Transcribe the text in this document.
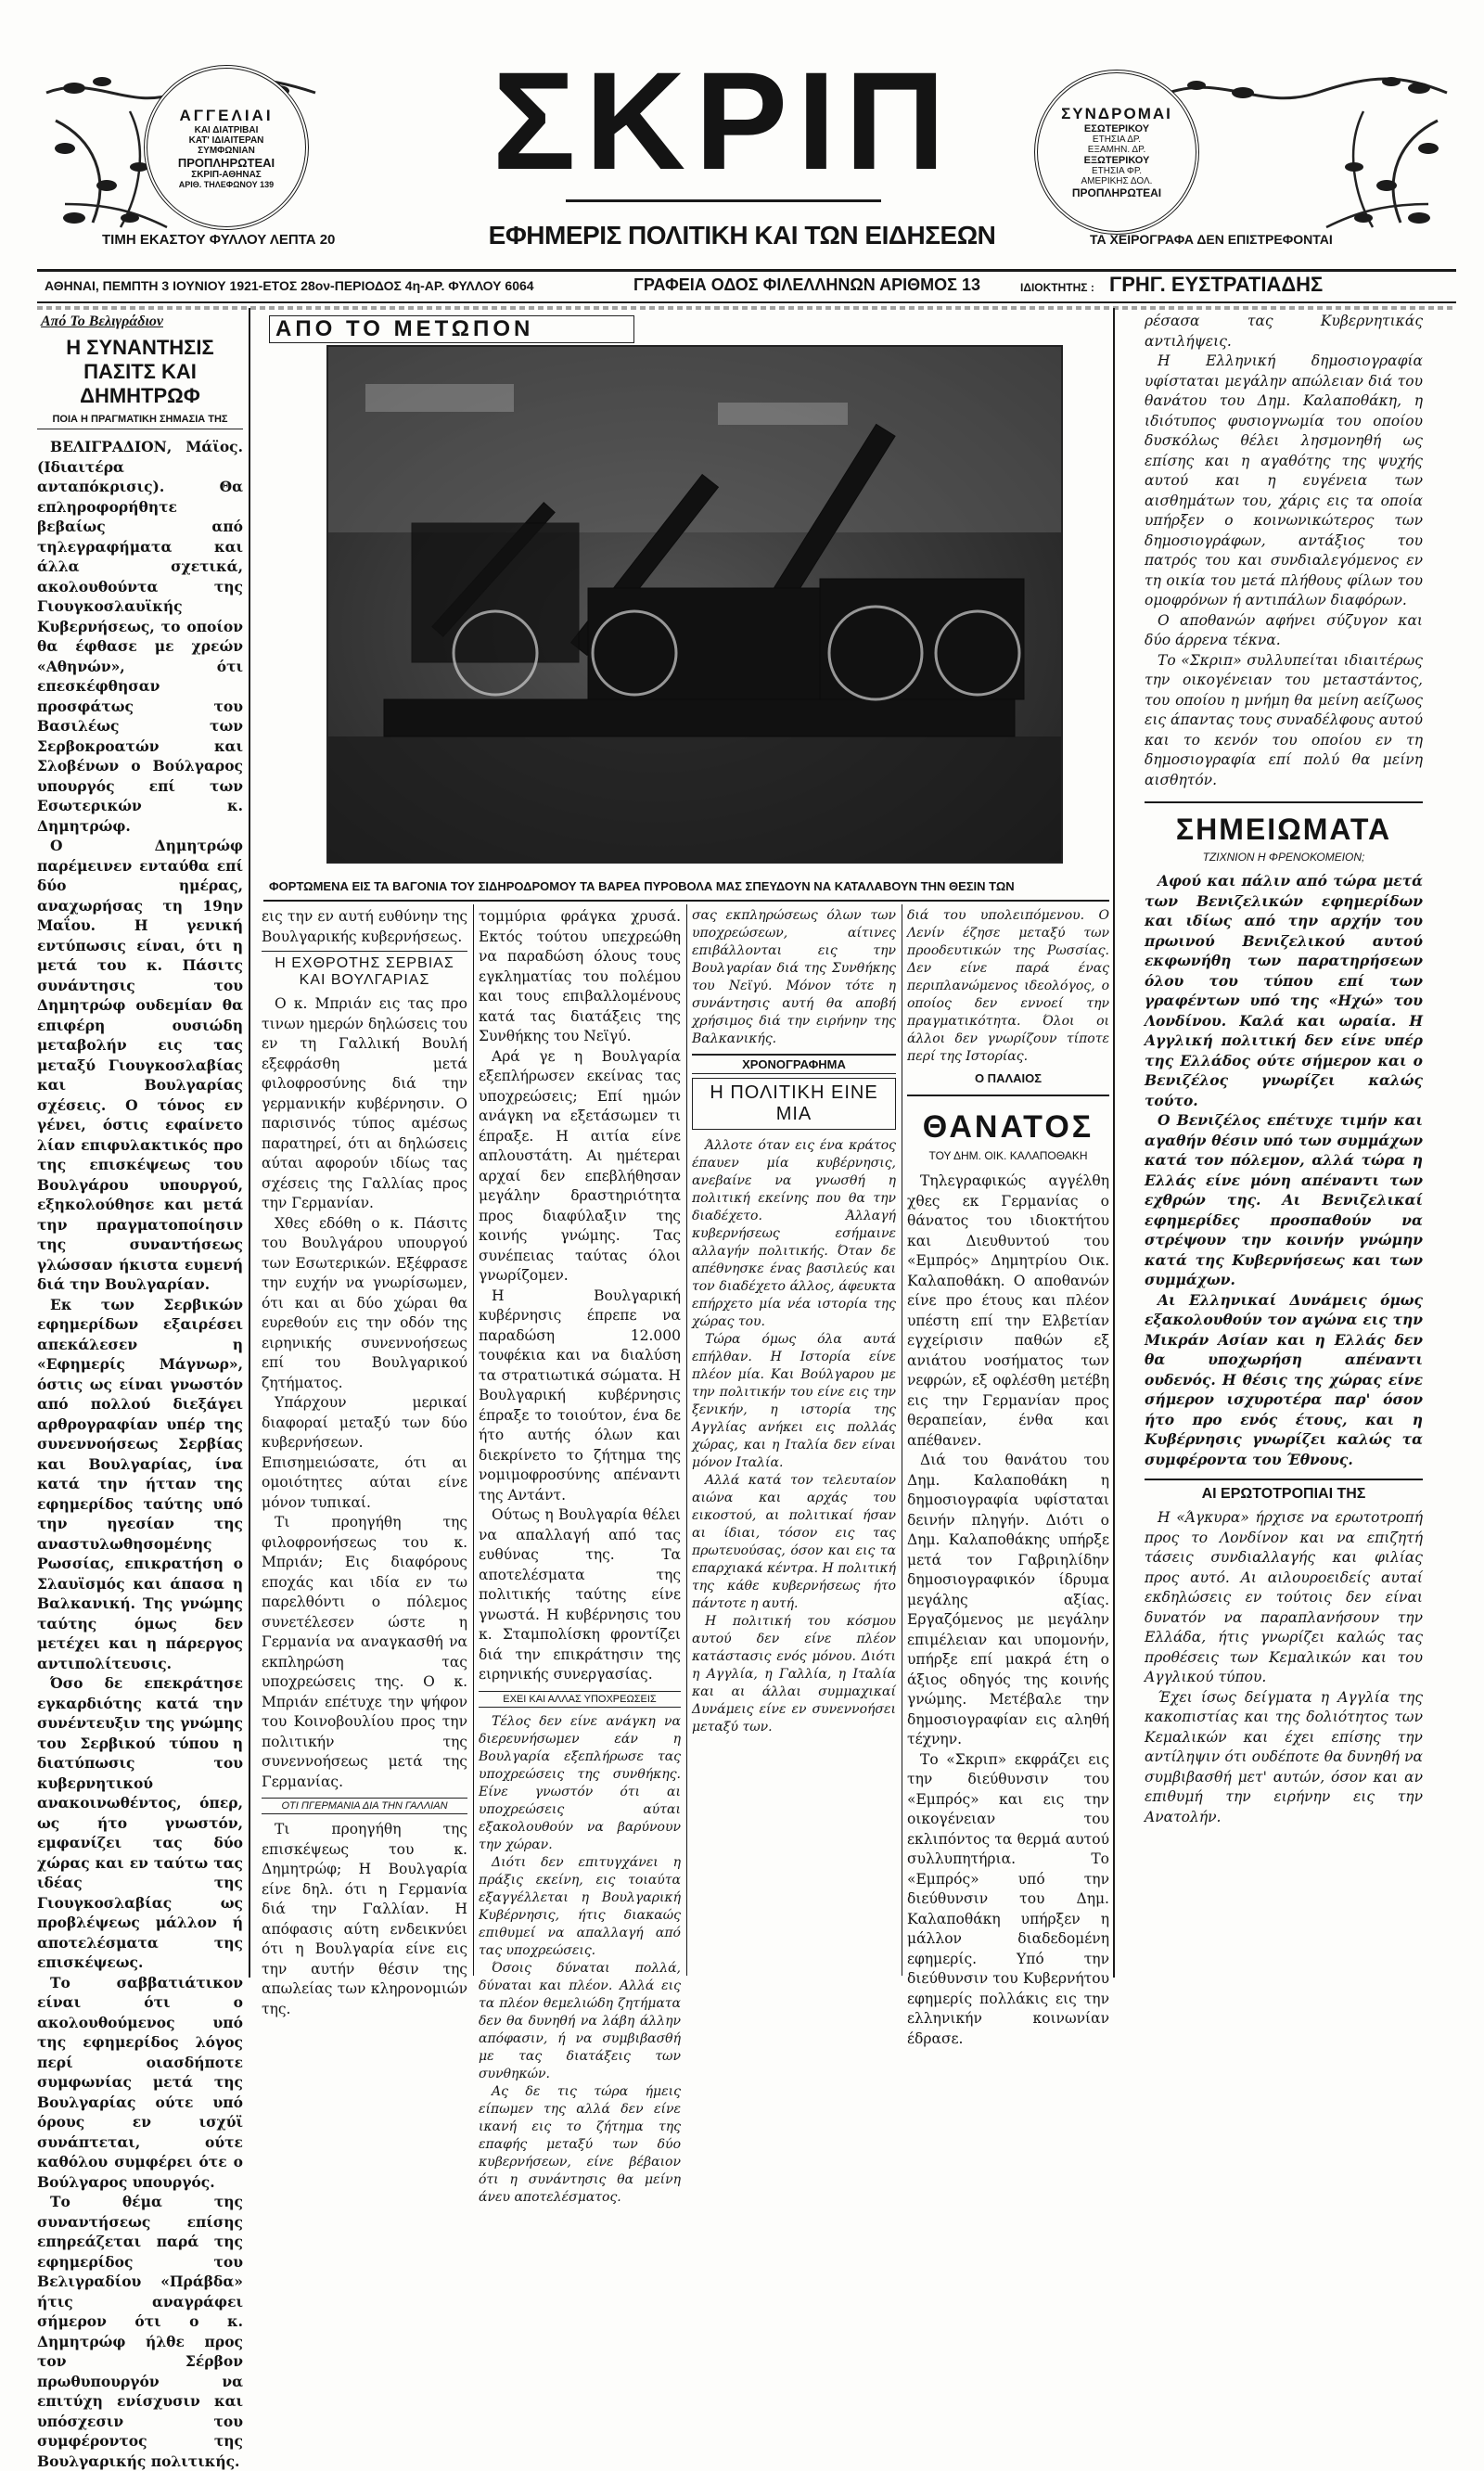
ΑΓΓΕΛΙΑΙ
ΚΑΙ ΔΙΑΤΡΙΒΑΙ
ΚΑΤ' ΙΔΙΑΙΤΕΡΑΝ
ΣΥΜΦΩΝΙΑΝ
ΠΡΟΠΛΗΡΩΤΕΑΙ
ΣΚΡΙΠ-ΑΘΗΝΑΣ
ΑΡΙΘ. ΤΗΛΕΦΩΝΟΥ 139
ΣΥΝΔΡΟΜΑΙ
ΕΣΩΤΕΡΙΚΟΥ
ΕΤΗΣΙΑ ΔΡ.
ΕΞΑΜΗΝ. ΔΡ.
ΕΞΩΤΕΡΙΚΟΥ
ΕΤΗΣΙΑ ΦΡ.
ΑΜΕΡΙΚΗΣ ΔΟΛ.
ΠΡΟΠΛΗΡΩΤΕΑΙ
ΣΚΡΙΠ
ΤΙΜΗ ΕΚΑΣΤΟΥ ΦΥΛΛΟΥ ΛΕΠΤΑ 20	ΕΦΗΜΕΡΙΣ ΠΟΛΙΤΙΚΗ ΚΑΙ ΤΩΝ ΕΙΔΗΣΕΩΝ	ΤΑ ΧΕΙΡΟΓΡΑΦΑ ΔΕΝ ΕΠΙΣΤΡΕΦΟΝΤΑΙ
ΑΘΗΝΑΙ, ΠΕΜΠΤΗ 3 ΙΟΥΝΙΟΥ 1921-ΕΤΟΣ 28ον-ΠΕΡΙΟΔΟΣ 4η-ΑΡ. ΦΥΛΛΟΥ 6064	ΓΡΑΦΕΙΑ ΟΔΟΣ ΦΙΛΕΛΛΗΝΩΝ ΑΡΙΘΜΟΣ 13	ΙΔΙΟΚΤΗΤΗΣ : ΓΡΗΓ. ΕΥΣΤΡΑΤΙΑΔΗΣ
Από Το Βελιγράδιον
Η ΣΥΝΑΝΤΗΣΙΣ ΠΑΣΙΤΣ ΚΑΙ ΔΗΜΗΤΡΩΦ
ΠΟΙΑ Η ΠΡΑΓΜΑΤΙΚΗ ΣΗΜΑΣΙΑ ΤΗΣ

ΒΕΛΙΓΡΑΔΙΟΝ, Μάϊος. (Ιδιαιτέρα ανταπόκρισις). Θα επληροφορήθητε βεβαίως από τηλεγραφήματα και άλλα σχετικά, ακολουθούντα της Γιουγκοσλαυϊκής Κυβερνήσεως, το οποίον θα έφθασε με χρεών «Αθηνών», ότι επεσκέφθησαν προσφάτως του Βασιλέως των Σερβοκροατών και Σλοβένων ο Βούλγαρος υπουργός επί των Εσωτερικών κ. Δημητρώφ.

Ο Δημητρώφ παρέμεινεν ενταύθα επί δύο ημέρας, αναχωρήσας τη 19ην Μαΐου. Η γενική εντύπωσις είναι, ότι η μετά του κ. Πάσιτς συνάντησις του Δημητρώφ ουδεμίαν θα επιφέρη ουσιώδη μεταβολήν εις τας μεταξύ Γιουγκοσλαβίας και Βουλγαρίας σχέσεις. Ο τόνος εν γένει, όστις εφαίνετο λίαν επιφυλακτικός προ της επισκέψεως του Βουλγάρου υπουργού, εξηκολούθησε και μετά την πραγματοποίησιν της συναντήσεως γλώσσαν ήκιστα ευμενή διά την Βουλγαρίαν.

Εκ των Σερβικών εφημερίδων εξαιρέσει απεκάλεσεν η «Εφημερίς Μάγνωρ», όστις ως είναι γνωστόν από πολλού διεξάγει αρθρογραφίαν υπέρ της συνεννοήσεως Σερβίας και Βουλγαρίας, ίνα κατά την ήτταν της εφημερίδος ταύτης υπό την ηγεσίαν της αναστυλωθησομένης Ρωσσίας, επικρατήση ο Σλαυϊσμός και άπασα η Βαλκανική. Της γνώμης ταύτης όμως δεν μετέχει και η πάρεργος αντιπολίτευσις.

Όσο δε επεκράτησε εγκαρδιότης κατά την συνέντευξιν της γνώμης του Σερβικού τύπου η διατύπωσις του κυβερνητικού ανακοινωθέντος, όπερ, ως ήτο γνωστόν, εμφανίζει τας δύο χώρας και εν ταύτω τας ιδέας της Γιουγκοσλαβίας ως προβλέψεως μάλλον ή αποτελέσματα της επισκέψεως.

Το σαββατιάτικον είναι ότι ο ακολουθούμενος υπό της εφημερίδος λόγος περί οιασδήποτε συμφωνίας μετά της Βουλγαρίας ούτε υπό όρους εν ισχύϊ συνάπτεται, ούτε καθόλου συμφέρει ότε ο Βούλγαρος υπουργός.

Το θέμα της συναντήσεως επίσης επηρεάζεται παρά της εφημερίδος του Βελιγραδίου «Πράβδα» ήτις αναγράφει σήμερον ότι ο κ. Δημητρώφ ήλθε προς τον Σέρβον πρωθυπουργόν να επιτύχη ενίσχυσιν και υπόσχεσιν του συμφέροντος της Βουλγαρικής πολιτικής.

ΑΠΟ ΤΟ ΜΕΤΩΠΟΝ
ΦΟΡΤΩΜΕΝΑ ΕΙΣ ΤΑ ΒΑΓΟΝΙΑ ΤΟΥ ΣΙΔΗΡΟΔΡΟΜΟΥ ΤΑ ΒΑΡΕΑ ΠΥΡΟΒΟΛΑ ΜΑΣ ΣΠΕΥΔΟΥΝ ΝΑ ΚΑΤΑΛΑΒΟΥΝ ΤΗΝ ΘΕΣΙΝ ΤΩΝ

εις την εν αυτή ευθύνην της Βουλγαρικής κυβερνήσεως.

Η ΕΧΘΡΟΤΗΣ ΣΕΡΒΙΑΣ ΚΑΙ ΒΟΥΛΓΑΡΙΑΣ

Ο κ. Μπριάν εις τας προ τινων ημερών δηλώσεις του εν τη Γαλλική Βουλή εξεφράσθη μετά φιλοφροσύνης διά την γερμανικήν κυβέρνησιν. Ο παρισινός τύπος αμέσως παρατηρεί, ότι αι δηλώσεις αύται αφορούν ιδίως τας σχέσεις της Γαλλίας προς την Γερμανίαν.

Χθες εδόθη ο κ. Πάσιτς του Βουλγάρου υπουργού των Εσωτερικών. Εξέφρασε την ευχήν να γνωρίσωμεν, ότι και αι δύο χώραι θα ευρεθούν εις την οδόν της ειρηνικής συνεννοήσεως επί του Βουλγαρικού ζητήματος.

Υπάρχουν μερικαί διαφοραί μεταξύ των δύο κυβερνήσεων. Επισημειώσατε, ότι αι ομοιότητες αύται είνε μόνον τυπικαί.

Τι προηγήθη της φιλοφρονήσεως του κ. Μπριάν; Εις διαφόρους εποχάς και ιδία εν τω παρελθόντι ο πόλεμος συνετέλεσεν ώστε η Γερμανία να αναγκασθή να εκπληρώση τας υποχρεώσεις της. Ο κ. Μπριάν επέτυχε την ψήφον του Κοινοβουλίου προς την πολιτικήν της συνεννοήσεως μετά της Γερμανίας.

ΟΤΙ ΠΓΕΡΜΑΝΙΑ ΔΙΑ ΤΗΝ ΓΑΛΛΙΑΝ

Τι προηγήθη της επισκέψεως του κ. Δημητρώφ; Η Βουλγαρία είνε δηλ. ότι η Γερμανία διά την Γαλλίαν. Η απόφασις αύτη ενδεικνύει ότι η Βουλγαρία είνε εις την αυτήν θέσιν της απωλείας των κληρονομιών της.

τομμύρια φράγκα χρυσά. Εκτός τούτου υπεχρεώθη να παραδώση όλους τους εγκληματίας του πολέμου και τους επιβαλλομένους κατά τας διατάξεις της Συνθήκης του Νεϊγύ.

Αρά γε η Βουλγαρία εξεπλήρωσεν εκείνας τας υποχρεώσεις; Επί ημών ανάγκη να εξετάσωμεν τι έπραξε. Η αιτία είνε απλουστάτη. Αι ημέτεραι αρχαί δεν επεβλήθησαν μεγάλην δραστηριότητα προς διαφύλαξιν της κοινής γνώμης. Τας συνέπειας ταύτας όλοι γνωρίζομεν.

Η Βουλγαρική κυβέρνησις έπρεπε να παραδώση 12.000 τουφέκια και να διαλύση τα στρατιωτικά σώματα. Η Βουλγαρική κυβέρνησις έπραξε το τοιούτον, ένα δε ήτο αυτής όλων και διεκρίνετο το ζήτημα της νομιμοφροσύνης απέναντι της Αντάντ.

Ούτως η Βουλγαρία θέλει να απαλλαγή από τας ευθύνας της. Τα αποτελέσματα της πολιτικής ταύτης είνε γνωστά. Η κυβέρνησις του κ. Σταμπολίσκη φροντίζει διά την επικράτησιν της ειρηνικής συνεργασίας.

ΕΧΕΙ ΚΑΙ ΑΛΛΑΣ ΥΠΟΧΡΕΩΣΕΙΣ

Τέλος δεν είνε ανάγκη να διερευνήσωμεν εάν η Βουλγαρία εξεπλήρωσε τας υποχρεώσεις της συνθήκης. Είνε γνωστόν ότι αι υποχρεώσεις αύται εξακολουθούν να βαρύνουν την χώραν.

Διότι δεν επιτυγχάνει η πράξις εκείνη, εις τοιαύτα εξαγγέλλεται η Βουλγαρική Κυβέρνησις, ήτις διακαώς επιθυμεί να απαλλαγή από τας υποχρεώσεις.

Όσοις δύναται πολλά, δύναται και πλέον. Αλλά εις τα πλέον θεμελιώδη ζητήματα δεν θα δυνηθή να λάβη άλλην απόφασιν, ή να συμβιβασθή με τας διατάξεις των συνθηκών.

Ας δε τις τώρα ήμεις είπωμεν της αλλά δεν είνε ικανή εις το ζήτημα της επαφής μεταξύ των δύο κυβερνήσεων, είνε βέβαιον ότι η συνάντησις θα μείνη άνευ αποτελέσματος.

σας εκπληρώσεως όλων των υποχρεώσεων, αίτινες επιβάλλονται εις την Βουλγαρίαν διά της Συνθήκης του Νεϊγύ. Μόνον τότε η συνάντησις αυτή θα αποβή χρήσιμος διά την ειρήνην της Βαλκανικής.

ΧΡΟΝΟΓΡΑΦΗΜΑ
Η ΠΟΛΙΤΙΚΗ ΕΙΝΕ ΜΙΑ

Άλλοτε όταν εις ένα κράτος έπαυεν μία κυβέρνησις, ανεβαίνε να γνωσθή η πολιτική εκείνης που θα την διαδέχετο. Άλλαγή κυβερνήσεως εσήμαινε αλλαγήν πολιτικής. Όταν δε απέθνησκε ένας βασιλεύς και τον διαδέχετο άλλος, άφευκτα επήρχετο μία νέα ιστορία της χώρας του.

Τώρα όμως όλα αυτά επήλθαν. Η Ιστορία είνε πλέον μία. Και Βούλγαρου με την πολιτικήν του είνε εις την ξενικήν, η ιστορία της Αγγλίας ανήκει εις πολλάς χώρας, και η Ιταλία δεν είναι μόνον Ιταλία.

Αλλά κατά τον τελευταίον αιώνα και αρχάς του εικοστού, αι πολιτικαί ήσαν αι ίδιαι, τόσον εις τας πρωτευούσας, όσον και εις τα επαρχιακά κέντρα. Η πολιτική της κάθε κυβερνήσεως ήτο πάντοτε η αυτή.

Η πολιτική του κόσμου αυτού δεν είνε πλέον κατάστασις ενός μόνου. Διότι η Αγγλία, η Γαλλία, η Ιταλία και αι άλλαι συμμαχικαί Δυνάμεις είνε εν συνεννοήσει μεταξύ των.

διά του υπολειπόμενου. Ο Λενίν έζησε μεταξύ των προοδευτικών της Ρωσσίας. Δεν είνε παρά ένας περιπλανώμενος ιδεολόγος, ο οποίος δεν εννοεί την πραγματικότητα. Όλοι οι άλλοι δεν γνωρίζουν τίποτε περί της Ιστορίας.

Ο ΠΑΛΑΙΟΣ
ΘΑΝΑΤΟΣ
ΤΟΥ ΔΗΜ. ΟΙΚ. ΚΑΛΑΠΟΘΑΚΗ

Τηλεγραφικώς αγγέλθη χθες εκ Γερμανίας ο θάνατος του ιδιοκτήτου και Διευθυντού του «Εμπρός» Δημητρίου Οικ. Καλαποθάκη. Ο αποθανών είνε προ έτους και πλέον υπέστη επί την Ελβετίαν εγχείρισιν παθών εξ ανιάτου νοσήματος των νεφρών, εξ οφλέσθη μετέβη εις την Γερμανίαν προς θεραπείαν, ένθα και απέθανεν.

Διά του θανάτου του Δημ. Καλαποθάκη η δημοσιογραφία υφίσταται δεινήν πληγήν. Διότι ο Δημ. Καλαποθάκης υπήρξε μετά τον Γαβριηλίδην δημοσιογραφικόν ίδρυμα μεγάλης αξίας. Εργαζόμενος με μεγάλην επιμέλειαν και υπομονήν, υπήρξε επί μακρά έτη ο άξιος οδηγός της κοινής γνώμης. Μετέβαλε την δημοσιογραφίαν εις αληθή τέχνην.

Το «Σκριπ» εκφράζει εις την διεύθυνσιν του «Εμπρός» και εις την οικογένειαν του εκλιπόντος τα θερμά αυτού συλλυπητήρια. Το «Εμπρός» υπό την διεύθυνσιν του Δημ. Καλαποθάκη υπήρξεν η μάλλον διαδεδομένη εφημερίς. Υπό την διεύθυνσιν του Κυβερνήτου εφημερίς πολλάκις εις την ελληνικήν κοινωνίαν έδρασε.

ρέσασα τας Κυβερνητικάς αντιλήψεις.

Η Ελληνική δημοσιογραφία υφίσταται μεγάλην απώλειαν διά του θανάτου του Δημ. Καλαποθάκη, η ιδιότυπος φυσιογνωμία του οποίου δυσκόλως θέλει λησμονηθή ως επίσης και η αγαθότης της ψυχής αυτού και η ευγένεια των αισθημάτων του, χάρις εις τα οποία υπήρξεν ο κοινωνικώτερος των δημοσιογράφων, αντάξιος του πατρός του και συνδιαλεγόμενος εν τη οικία του μετά πλήθους φίλων του ομοφρόνων ή αντιπάλων διαφόρων.

Ο αποθανών αφήνει σύζυγον και δύο άρρενα τέκνα.

Το «Σκριπ» συλλυπείται ιδιαιτέρως την οικογένειαν του μεταστάντος, του οποίου η μνήμη θα μείνη αείζωος εις άπαντας τους συναδέλφους αυτού και το κενόν του οποίου εν τη δημοσιογραφία επί πολύ θα μείνη αισθητόν.

ΣΗΜΕΙΩΜΑΤΑ
ΤΖΙΧΝΙΟΝ Η ΦΡΕΝΟΚΟΜΕΙΟΝ;

Αφού και πάλιν από τώρα μετά των Βενιζελικών εφημερίδων και ιδίως από την αρχήν του πρωινού Βενιζελικού αυτού εκφωνήθη των παρατηρήσεων όλου του τύπου επί των γραφέντων υπό της «Ηχώ» του Λονδίνου. Καλά και ωραία. Η Αγγλική πολιτική δεν είνε υπέρ της Ελλάδος ούτε σήμερον και ο Βενιζέλος γνωρίζει καλώς τούτο.

Ο Βενιζέλος επέτυχε τιμήν και αγαθήν θέσιν υπό των συμμάχων κατά τον πόλεμον, αλλά τώρα η Ελλάς είνε μόνη απέναντι των εχθρών της. Αι Βενιζελικαί εφημερίδες προσπαθούν να στρέψουν την κοινήν γνώμην κατά της Κυβερνήσεως και των συμμάχων.

Αι Ελληνικαί Δυνάμεις όμως εξακολουθούν τον αγώνα εις την Μικράν Ασίαν και η Ελλάς δεν θα υποχωρήση απέναντι ουδενός. Η θέσις της χώρας είνε σήμερον ισχυροτέρα παρ' όσον ήτο προ ενός έτους, και η Κυβέρνησις γνωρίζει καλώς τα συμφέροντα του Έθνους.

ΑΙ ΕΡΩΤΟΤΡΟΠΙΑΙ ΤΗΣ

Η «Άγκυρα» ήρχισε να ερωτοτροπή προς το Λονδίνον και να επιζητή τάσεις συνδιαλλαγής και φιλίας προς αυτό. Αι αιλουροειδείς αυταί εκδηλώσεις εν τούτοις δεν είναι δυνατόν να παραπλανήσουν την Ελλάδα, ήτις γνωρίζει καλώς τας προθέσεις των Κεμαλικών και του Αγγλικού τύπου.

Έχει ίσως δείγματα η Αγγλία της κακοπιστίας και της δολιότητος των Κεμαλικών και έχει επίσης την αντίληψιν ότι ουδέποτε θα δυνηθή να συμβιβασθή μετ' αυτών, όσον και αν επιθυμή την ειρήνην εις την Ανατολήν.
